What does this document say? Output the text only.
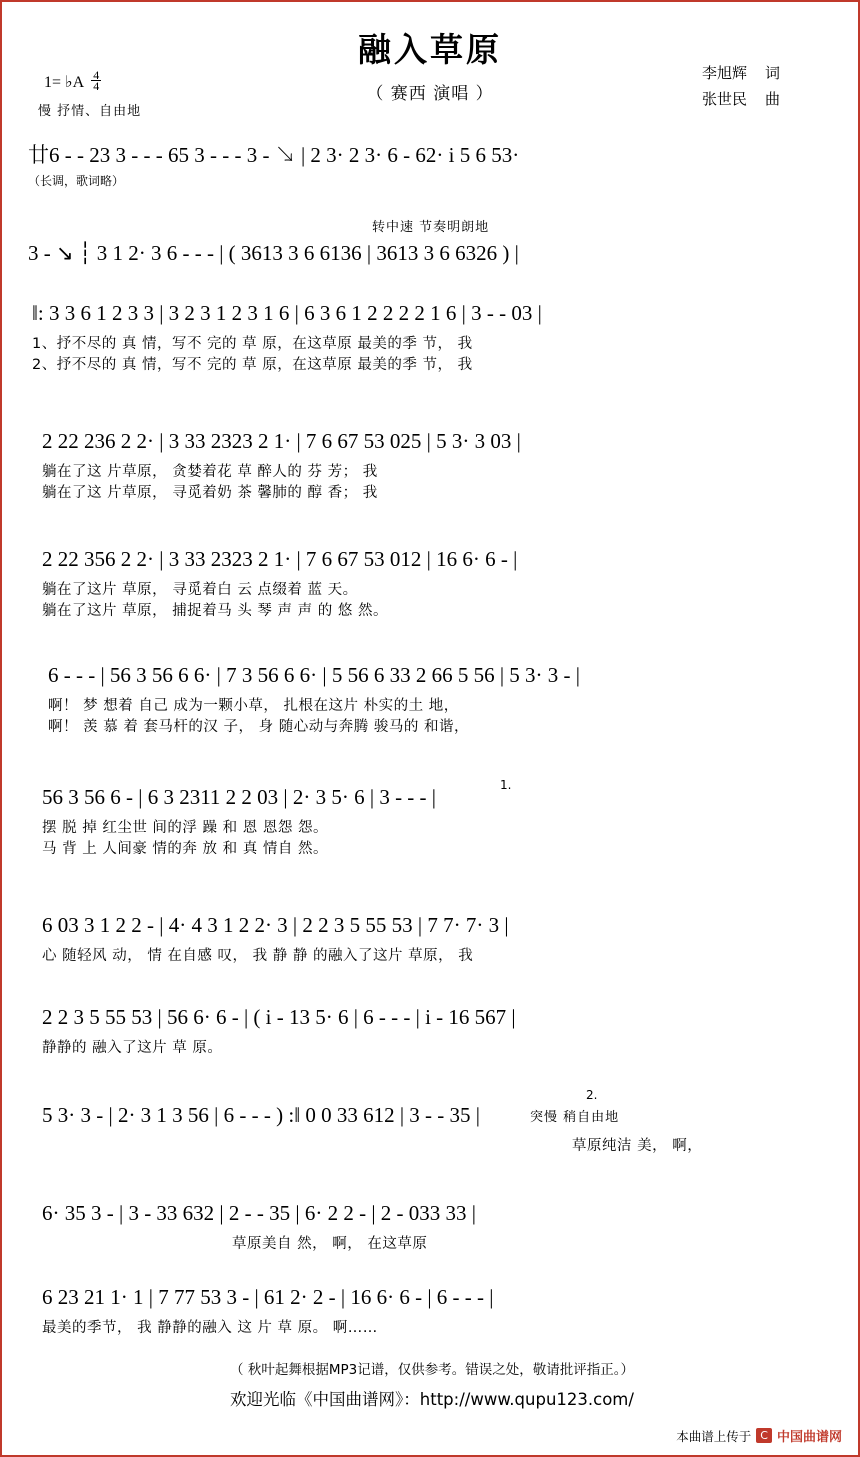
融入草原
（ 赛西 演唱 ）
李旭辉 词
张世民 曲
1= ♭A $\frac{4}{4}$
慢 抒情、自由地
廿6 - - 23 3 - - - 65 3 - - - 3 - ↘ | 2 3· 2 3· 6 - 62· i 5 6 53·
（长调，歌词略）
转中速 节奏明朗地
3 - ↘ ┆ 3 1 2· 3 6 - - - | ( 3613 3 6 6136 | 3613 3 6 6326 ) |
‖: 3 3 6 1 2 3 3 | 3 2 3 1 2 3 1 6 | 6 3 6 1 2 2 2 2 1 6 | 3 - - 03 |
1、抒不尽的 真 情，写不 完的 草 原，在这草原 最美的季 节， 我
2、抒不尽的 真 情，写不 完的 草 原，在这草原 最美的季 节， 我
2 22 236 2 2· | 3 33 2323 2 1· | 7 6 67 53 025 | 5 3· 3 03 |
躺在了这 片草原， 贪婪着花 草 醉人的 芬 芳； 我
躺在了这 片草原， 寻觅着奶 茶 馨肺的 醇 香； 我
2 22 356 2 2· | 3 33 2323 2 1· | 7 6 67 53 012 | 16 6· 6 - |
躺在了这片 草原， 寻觅着白 云 点缀着 蓝 天。
躺在了这片 草原， 捕捉着马 头 琴 声 声 的 悠 然。
6 - - - | 56 3 56 6 6· | 7 3 56 6 6· | 5 56 6 33 2 66 5 56 | 5 3· 3 - |
啊！ 梦 想着 自己 成为一颗小草， 扎根在这片 朴实的土 地，
啊！ 羡 慕 着 套马杆的汉 子， 身 随心动与奔腾 骏马的 和谐，
56 3 56 6 - | 6 3 2311 2 2 03 | 2· 3 5· 6 | 3 - - - |
摆 脱 掉 红尘世 间的浮 躁 和 恩 恩怨 怨。
马 背 上 人间豪 情的奔 放 和 真 情自 然。
1.
6 03 3 1 2 2 - | 4· 4 3 1 2 2· 3 | 2 2 3 5 55 53 | 7 7· 7· 3 |
心 随轻风 动， 情 在自感 叹， 我 静 静 的融入了这片 草原， 我
2 2 3 5 55 53 | 56 6· 6 - | ( i - 13 5· 6 | 6 - - - | i - 16 567 |
静静的 融入了这片 草 原。
2.
突慢 稍自由地
5 3· 3 - | 2· 3 1 3 56 | 6 - - - ) :‖ 0 0 33 612 | 3 - - 35 |
草原纯洁 美， 啊，
6· 35 3 - | 3 - 33 632 | 2 - - 35 | 6· 2 2 - | 2 - 033 33 |
草原美自 然， 啊， 在这草原
6 23 21 1· 1 | 7 77 53 3 - | 61 2· 2 - | 16 6· 6 - | 6 - - - |
最美的季节， 我 静静的融入 这 片 草 原。 啊……
（ 秋叶起舞根据MP3记谱，仅供参考。错误之处，敬请批评指正。）
欢迎光临《中国曲谱网》：http://www.qupu123.com/
本曲谱上传于 C 中国曲谱网
